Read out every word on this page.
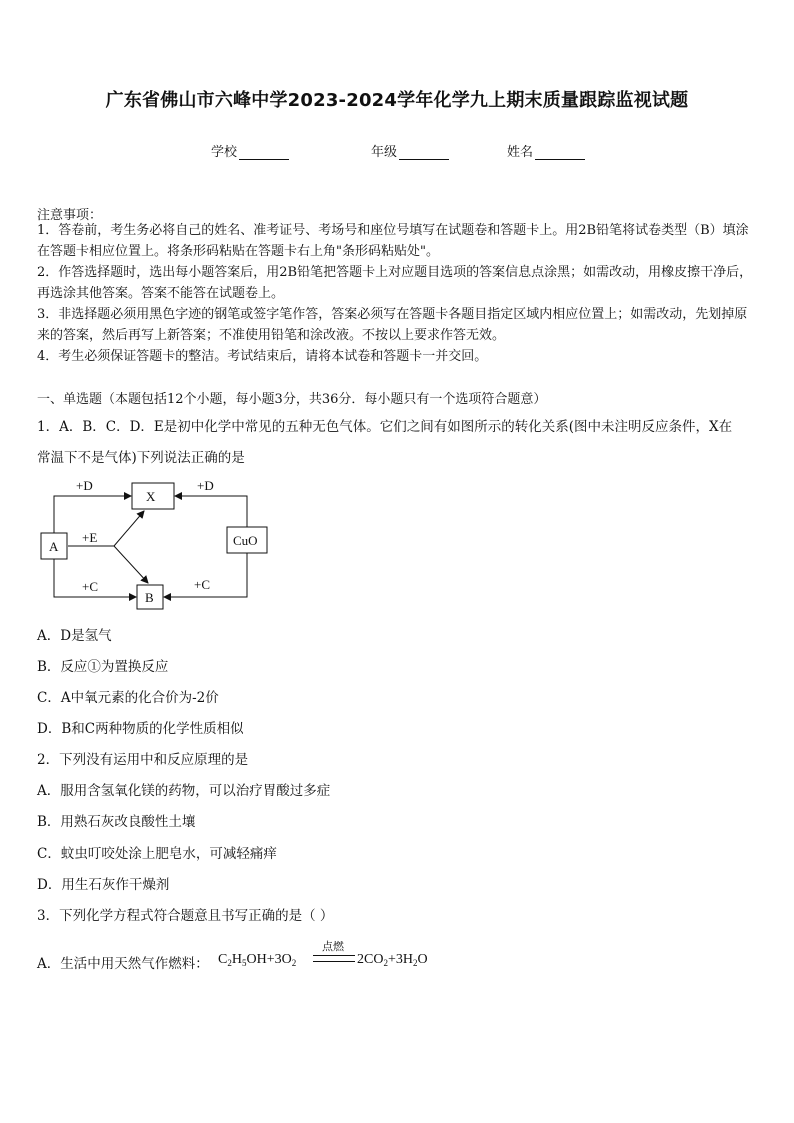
广东省佛山市六峰中学2023-2024学年化学九上期末质量跟踪监视试题
学校	年级	姓名
注意事项：
1．答卷前，考生务必将自己的姓名、准考证号、考场号和座位号填写在试题卷和答题卡上。用2B铅笔将试卷类型（B）填涂在答题卡相应位置上。将条形码粘贴在答题卡右上角"条形码粘贴处"。
2．作答选择题时，选出每小题答案后，用2B铅笔把答题卡上对应题目选项的答案信息点涂黑；如需改动，用橡皮擦干净后，再选涂其他答案。答案不能答在试题卷上。
3．非选择题必须用黑色字迹的钢笔或签字笔作答，答案必须写在答题卡各题目指定区域内相应位置上；如需改动，先划掉原来的答案，然后再写上新答案；不准使用铅笔和涂改液。不按以上要求作答无效。
4．考生必须保证答题卡的整洁。考试结束后，请将本试卷和答题卡一并交回。
一、单选题（本题包括12个小题，每小题3分，共36分．每小题只有一个选项符合题意）
1．A．B．C．D．E是初中化学中常见的五种无色气体。它们之间有如图所示的转化关系(图中未注明反应条件，X在
常温下不是气体)下列说法正确的是
X
A
B
CuO
+D	+D
+E
+C	+C
A．D是氢气
B．反应①为置换反应
C．A中氧元素的化合价为-2价
D．B和C两种物质的化学性质相似
2．下列没有运用中和反应原理的是
A．服用含氢氧化镁的药物，可以治疗胃酸过多症
B．用熟石灰改良酸性土壤
C．蚊虫叮咬处涂上肥皂水，可减轻痛痒
D．用生石灰作干燥剂
3．下列化学方程式符合题意且书写正确的是（ ）
A．生活中用天然气作燃料： $C_2H_5OH+3O_2$
点燃
$2CO_2+3H_2O$
